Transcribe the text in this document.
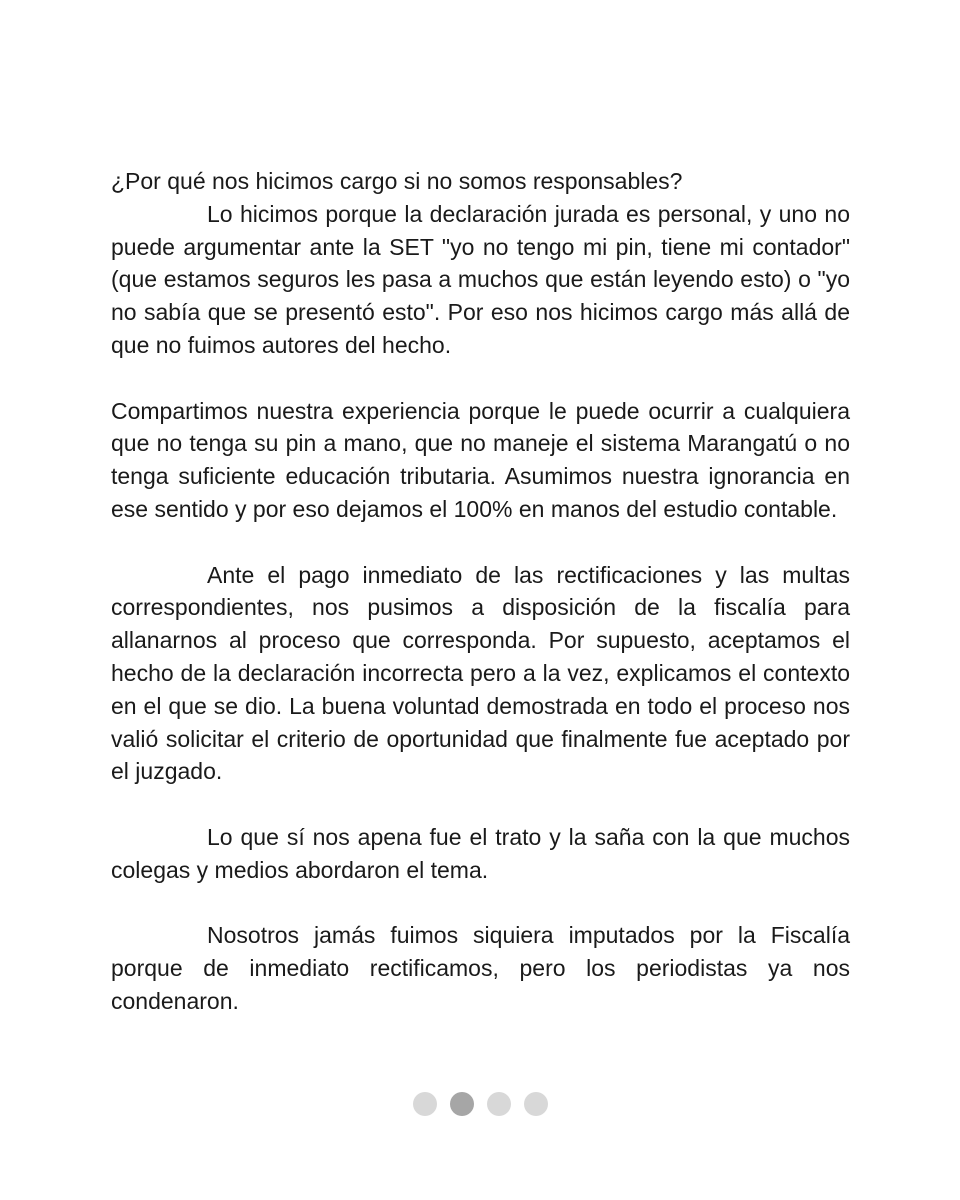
¿Por qué nos hicimos cargo si no somos responsables?

Lo hicimos porque la declaración jurada es personal, y uno no puede argumentar ante la SET "yo no tengo mi pin, tiene mi contador" (que estamos seguros les pasa a muchos que están leyendo esto) o "yo no sabía que se presentó esto". Por eso nos hicimos cargo más allá de que no fuimos autores del hecho.

Compartimos nuestra experiencia porque le puede ocurrir a cualquiera que no tenga su pin a mano, que no maneje el sistema Marangatú o no tenga suficiente educación tributaria. Asumimos nuestra ignorancia en ese sentido y por eso dejamos el 100% en manos del estudio contable.

Ante el pago inmediato de las rectificaciones y las multas correspondientes, nos pusimos a disposición de la fiscalía para allanarnos al proceso que corresponda. Por supuesto, aceptamos el hecho de la declaración incorrecta pero a la vez, explicamos el contexto en el que se dio. La buena voluntad demostrada en todo el proceso nos valió solicitar el criterio de oportunidad que finalmente fue aceptado por el juzgado.

Lo que sí nos apena fue el trato y la saña con la que muchos colegas y medios abordaron el tema.

Nosotros jamás fuimos siquiera imputados por la Fiscalía porque de inmediato rectificamos, pero los periodistas ya nos condenaron.
